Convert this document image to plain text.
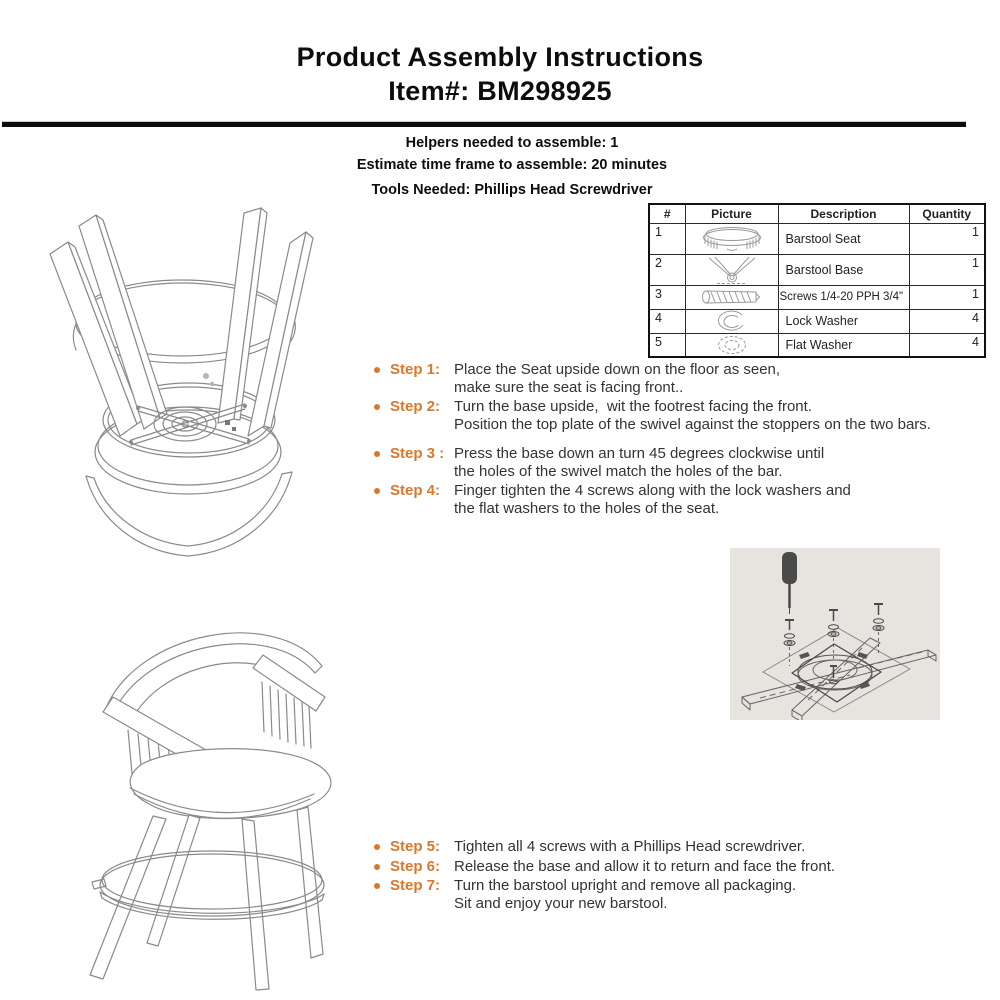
Product Assembly Instructions
Item#: BM298925
Helpers needed to assemble: 1
Estimate time frame to assemble: 20 minutes
Tools Needed: Phillips Head Screwdriver
#	Picture	Description	Quantity
1		Barstool Seat	1
2		Barstool Base	1
3		Screws 1/4-20 PPH 3/4"	1
4		Lock Washer	4
5		Flat Washer	4
Step 1: Place the Seat upside down on the floor as seen,
make sure the seat is facing front..
Step 2: Turn the base upside,  wit the footrest facing the front.
Position the top plate of the swivel against the stoppers on the two bars.
Step 3 : Press the base down an turn 45 degrees clockwise until
the holes of the swivel match the holes of the bar.
Step 4: Finger tighten the 4 screws along with the lock washers and
the flat washers to the holes of the seat.
Step 5: Tighten all 4 screws with a Phillips Head screwdriver.
Step 6: Release the base and allow it to return and face the front.
Step 7: Turn the barstool upright and remove all packaging.
Sit and enjoy your new barstool.
